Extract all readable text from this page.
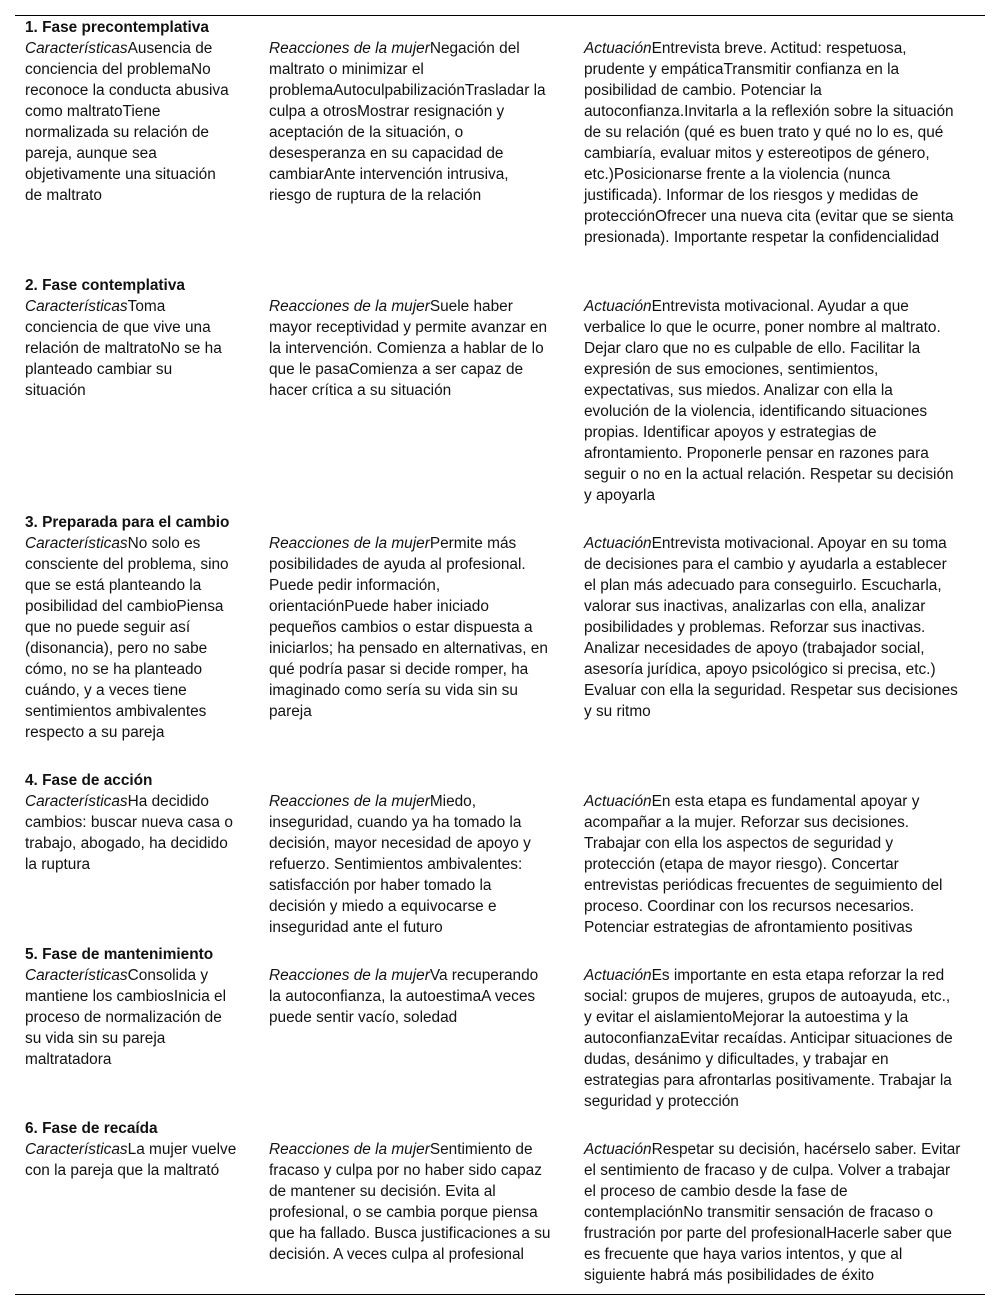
1. Fase precontemplativa
CaracterísticasAusencia de conciencia del problemaNo reconoce la conducta abusiva como maltratoTiene normalizada su relación de pareja, aunque sea objetivamente una situación de maltrato
Reacciones de la mujerNegación del maltrato o minimizar el problemaAutoculpabilizaciónTrasladar la culpa a otrosMostrar resignación y aceptación de la situación, o desesperanza en su capacidad de cambiarAnte intervención intrusiva, riesgo de ruptura de la relación
ActuaciónEntrevista breve. Actitud: respetuosa, prudente y empáticaTransmitir confianza en la posibilidad de cambio. Potenciar la autoconfianza.Invitarla a la reflexión sobre la situación de su relación (qué es buen trato y qué no lo es, qué cambiaría, evaluar mitos y estereotipos de género, etc.)Posicionarse frente a la violencia (nunca justificada). Informar de los riesgos y medidas de protecciónOfrecer una nueva cita (evitar que se sienta presionada). Importante respetar la confidencialidad
2. Fase contemplativa
CaracterísticasToma conciencia de que vive una relación de maltratoNo se ha planteado cambiar su situación
Reacciones de la mujerSuele haber mayor receptividad y permite avanzar en la intervención. Comienza a hablar de lo que le pasaComienza a ser capaz de hacer crítica a su situación
ActuaciónEntrevista motivacional. Ayudar a que verbalice lo que le ocurre, poner nombre al maltrato. Dejar claro que no es culpable de ello. Facilitar la expresión de sus emociones, sentimientos, expectativas, sus miedos. Analizar con ella la evolución de la violencia, identificando situaciones propias. Identificar apoyos y estrategias de afrontamiento. Proponerle pensar en razones para seguir o no en la actual relación. Respetar su decisión y apoyarla
3. Preparada para el cambio
CaracterísticasNo solo es consciente del problema, sino que se está planteando la posibilidad del cambioPiensa que no puede seguir así (disonancia), pero no sabe cómo, no se ha planteado cuándo, y a veces tiene sentimientos ambivalentes respecto a su pareja
Reacciones de la mujerPermite más posibilidades de ayuda al profesional. Puede pedir información, orientaciónPuede haber iniciado pequeños cambios o estar dispuesta a iniciarlos; ha pensado en alternativas, en qué podría pasar si decide romper, ha imaginado como sería su vida sin su pareja
ActuaciónEntrevista motivacional. Apoyar en su toma de decisiones para el cambio y ayudarla a establecer el plan más adecuado para conseguirlo. Escucharla, valorar sus inactivas, analizarlas con ella, analizar posibilidades y problemas. Reforzar sus inactivas. Analizar necesidades de apoyo (trabajador social, asesoría jurídica, apoyo psicológico si precisa, etc.) Evaluar con ella la seguridad. Respetar sus decisiones y su ritmo
4. Fase de acción
CaracterísticasHa decidido cambios: buscar nueva casa o trabajo, abogado, ha decidido la ruptura
Reacciones de la mujerMiedo, inseguridad, cuando ya ha tomado la decisión, mayor necesidad de apoyo y refuerzo. Sentimientos ambivalentes: satisfacción por haber tomado la decisión y miedo a equivocarse e inseguridad ante el futuro
ActuaciónEn esta etapa es fundamental apoyar y acompañar a la mujer. Reforzar sus decisiones. Trabajar con ella los aspectos de seguridad y protección (etapa de mayor riesgo). Concertar entrevistas periódicas frecuentes de seguimiento del proceso. Coordinar con los recursos necesarios. Potenciar estrategias de afrontamiento positivas
5. Fase de mantenimiento
CaracterísticasConsolida y mantiene los cambiosInicia el proceso de normalización de su vida sin su pareja maltratadora
Reacciones de la mujerVa recuperando la autoconfianza, la autoestimaA veces puede sentir vacío, soledad
ActuaciónEs importante en esta etapa reforzar la red social: grupos de mujeres, grupos de autoayuda, etc., y evitar el aislamientoMejorar la autoestima y la autoconfianzaEvitar recaídas. Anticipar situaciones de dudas, desánimo y dificultades, y trabajar en estrategias para afrontarlas positivamente. Trabajar la seguridad y protección
6. Fase de recaída
CaracterísticasLa mujer vuelve con la pareja que la maltrató
Reacciones de la mujerSentimiento de fracaso y culpa por no haber sido capaz de mantener su decisión. Evita al profesional, o se cambia porque piensa que ha fallado. Busca justificaciones a su decisión. A veces culpa al profesional
ActuaciónRespetar su decisión, hacérselo saber. Evitar el sentimiento de fracaso y de culpa. Volver a trabajar el proceso de cambio desde la fase de contemplaciónNo transmitir sensación de fracaso o frustración por parte del profesionalHacerle saber que es frecuente que haya varios intentos, y que al siguiente habrá más posibilidades de éxito
